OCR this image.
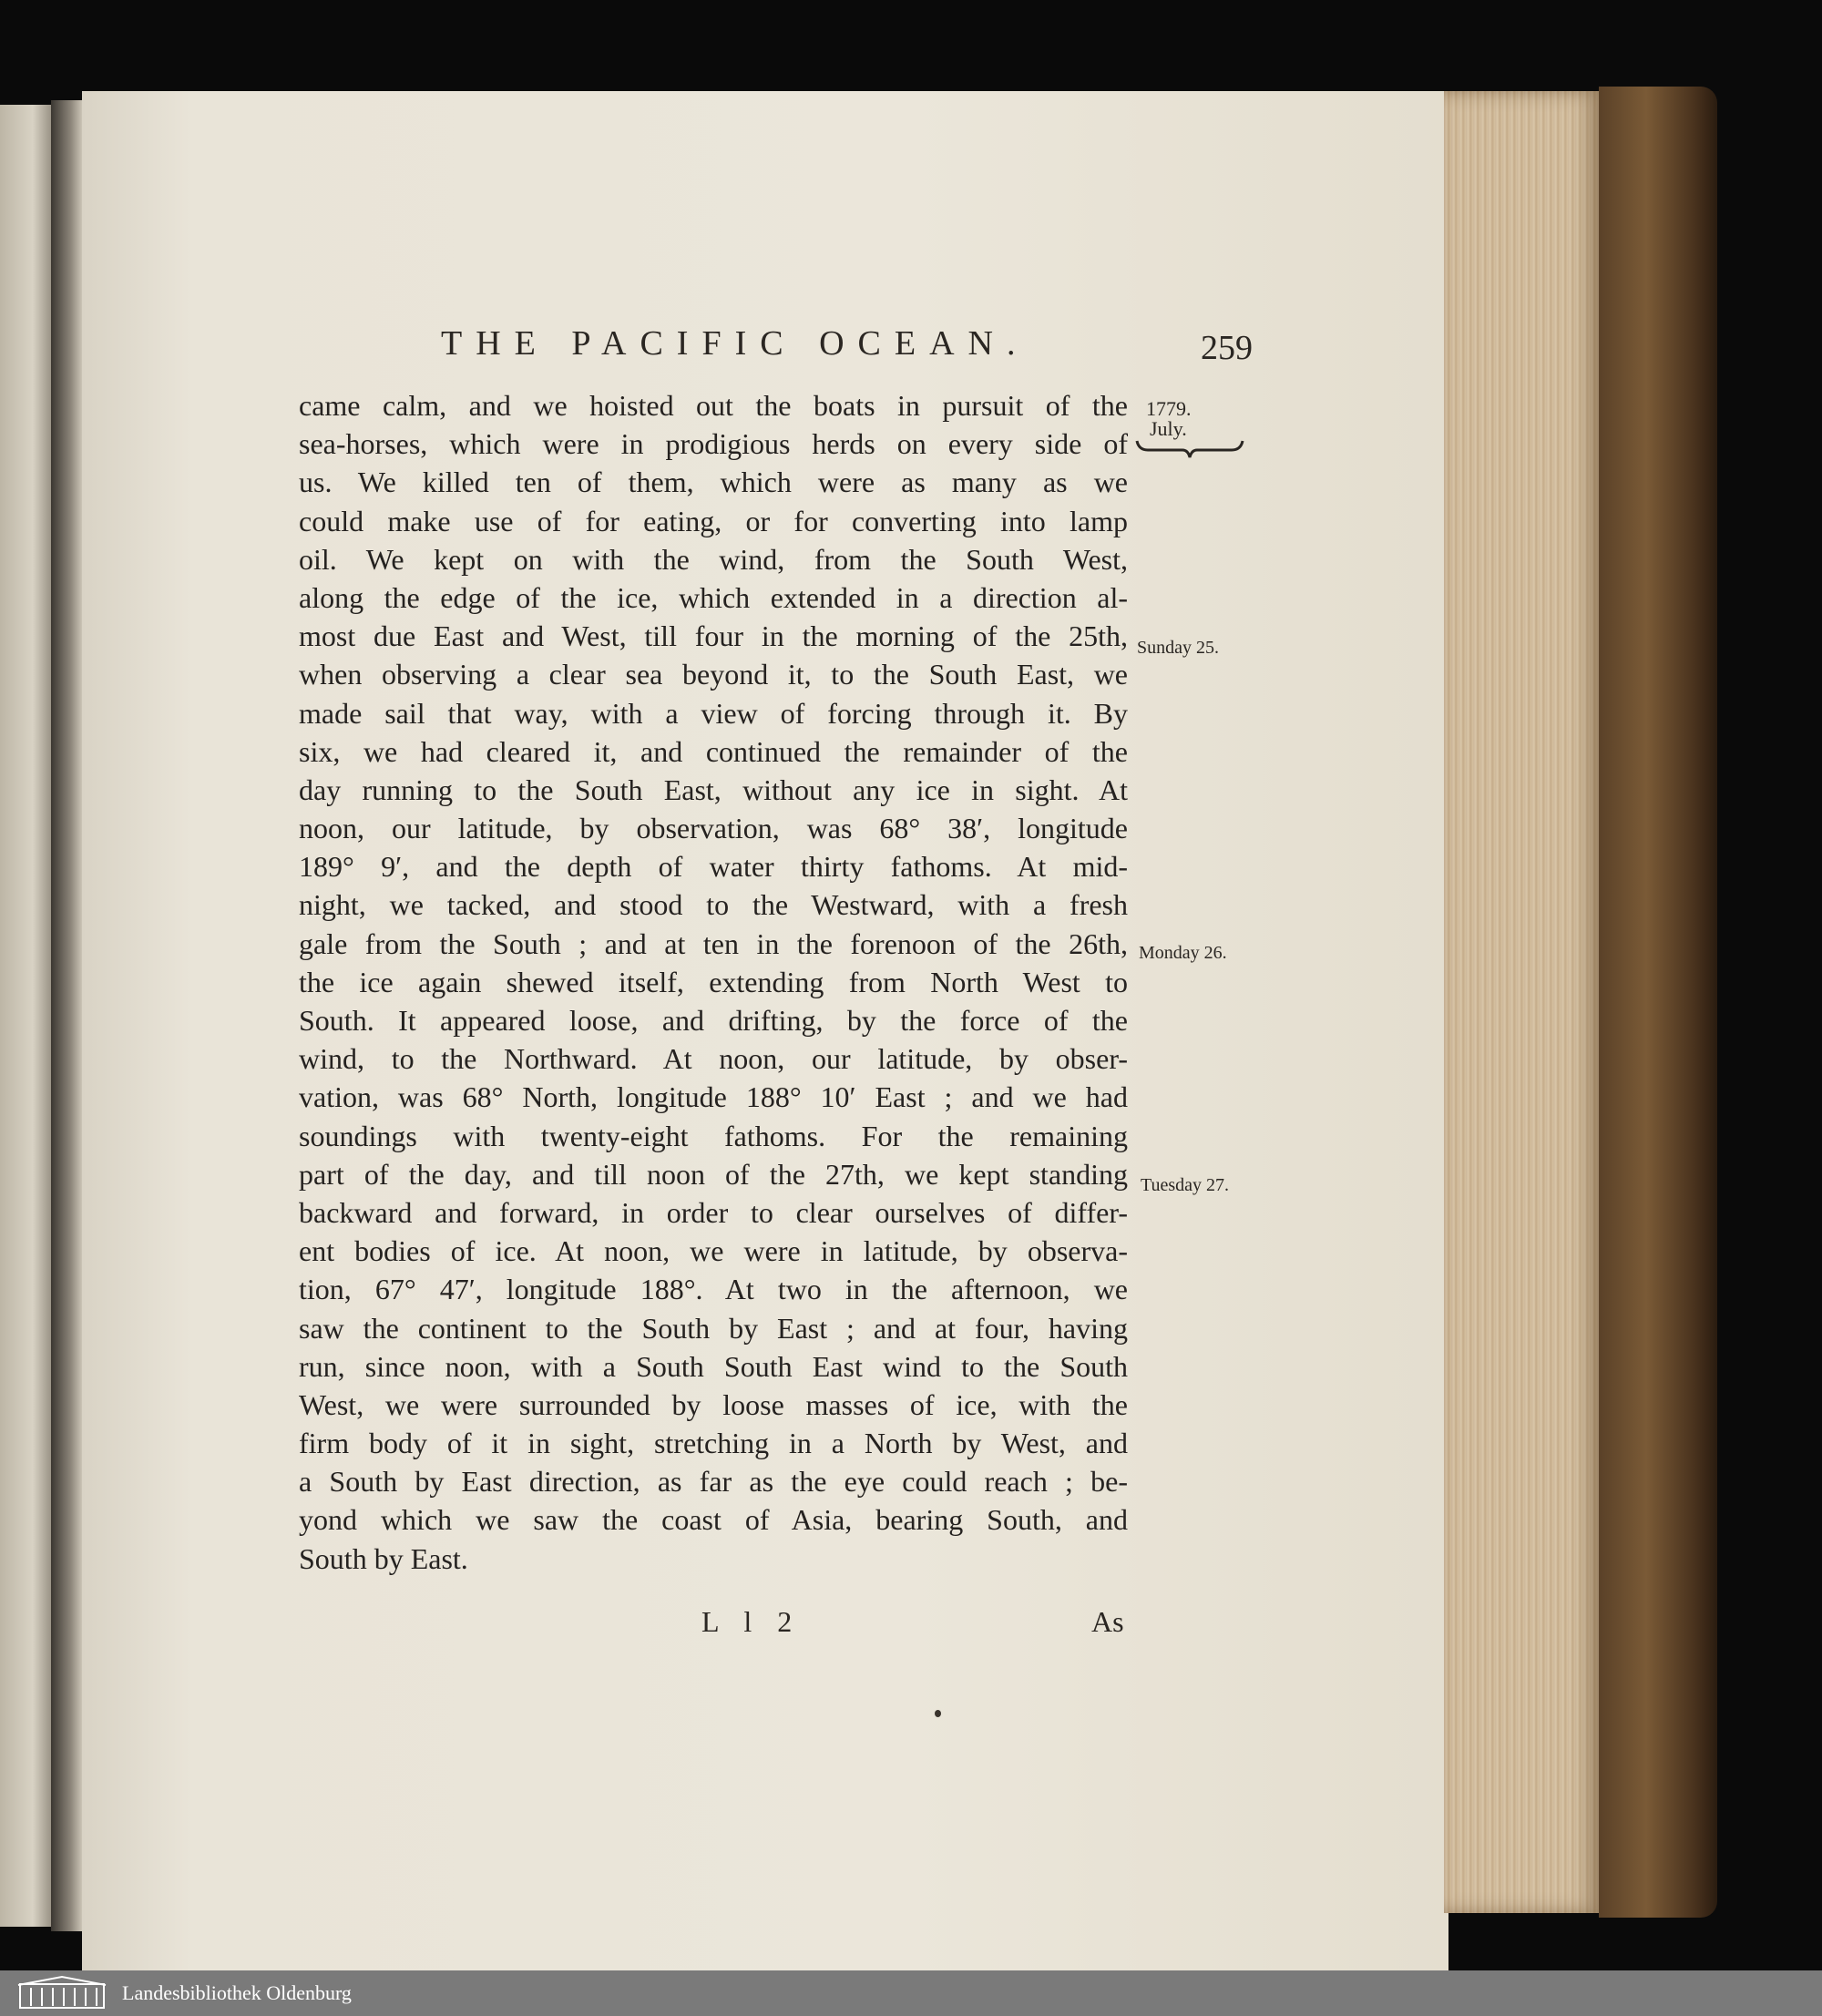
THE PACIFIC OCEAN.	259
came calm, and we hoisted out the boats in pursuit of the
sea-horses, which were in prodigious herds on every side of
us. We killed ten of them, which were as many as we
could make use of for eating, or for converting into lamp
oil. We kept on with the wind, from the South West,
along the edge of the ice, which extended in a direction al-
most due East and West, till four in the morning of the 25th,
when observing a clear sea beyond it, to the South East, we
made sail that way, with a view of forcing through it. By
six, we had cleared it, and continued the remainder of the
day running to the South East, without any ice in sight. At
noon, our latitude, by observation, was 68° 38′, longitude
189° 9′, and the depth of water thirty fathoms. At mid-
night, we tacked, and stood to the Westward, with a fresh
gale from the South ; and at ten in the forenoon of the 26th,
the ice again shewed itself, extending from North West to
South. It appeared loose, and drifting, by the force of the
wind, to the Northward. At noon, our latitude, by obser-
vation, was 68° North, longitude 188° 10′ East ; and we had
soundings with twenty-eight fathoms. For the remaining
part of the day, and till noon of the 27th, we kept standing
backward and forward, in order to clear ourselves of differ-
ent bodies of ice. At noon, we were in latitude, by observa-
tion, 67° 47′, longitude 188°. At two in the afternoon, we
saw the continent to the South by East ; and at four, having
run, since noon, with a South South East wind to the South
West, we were surrounded by loose masses of ice, with the
firm body of it in sight, stretching in a North by West, and
a South by East direction, as far as the eye could reach ; be-
yond which we saw the coast of Asia, bearing South, and
South by East.
1779.
July.
Sunday 25.
Monday 26.
Tuesday 27.
L l 2	As
Landesbibliothek Oldenburg
